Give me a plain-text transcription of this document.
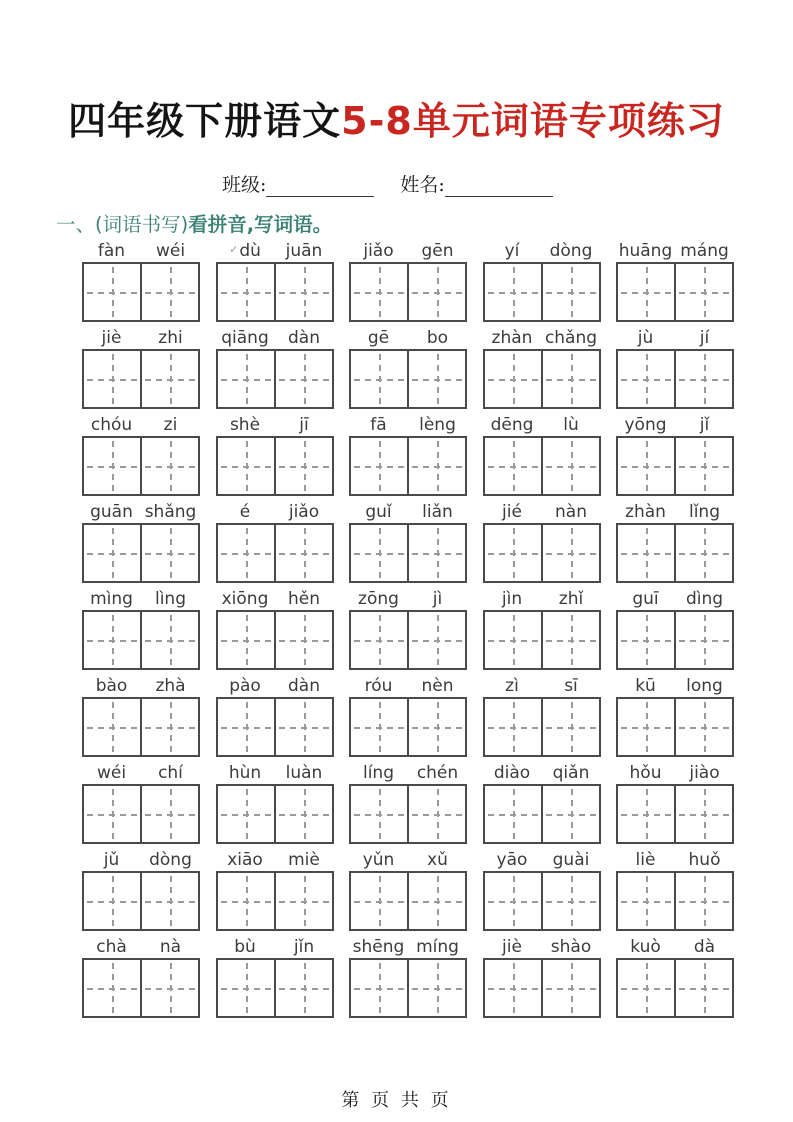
四年级下册语文5-8单元词语专项练习
班级:	姓名:
一、(词语书写)看拼音,写词语。
fàn	wéi	✓dù	juān	jiǎo	gēn	yí	dòng	huāng máng
jiè	zhi	qiāng	dàn	gē	bo	zhàn chǎng	jù	jí
chóu	zi	shè	jī	fā	lèng	dēng	lù	yōng	jǐ
guān shǎng	é	jiǎo	guǐ	liǎn	jié	nàn	zhàn	lǐng
mìng	lìng	xiōng	hěn	zōng	jì	jìn	zhǐ	guī	dìng
bào	zhà	pào	dàn	róu	nèn	zì	sī	kū	long
wéi	chí	hùn	luàn	líng	chén	diào	qiǎn	hǒu	jiào
jǔ	dòng	xiāo	miè	yǔn	xǔ	yāo	guài	liè	huǒ
chà	nà	bù	jǐn	shēng míng	jiè	shào	kuò	dà
第 页 共 页
